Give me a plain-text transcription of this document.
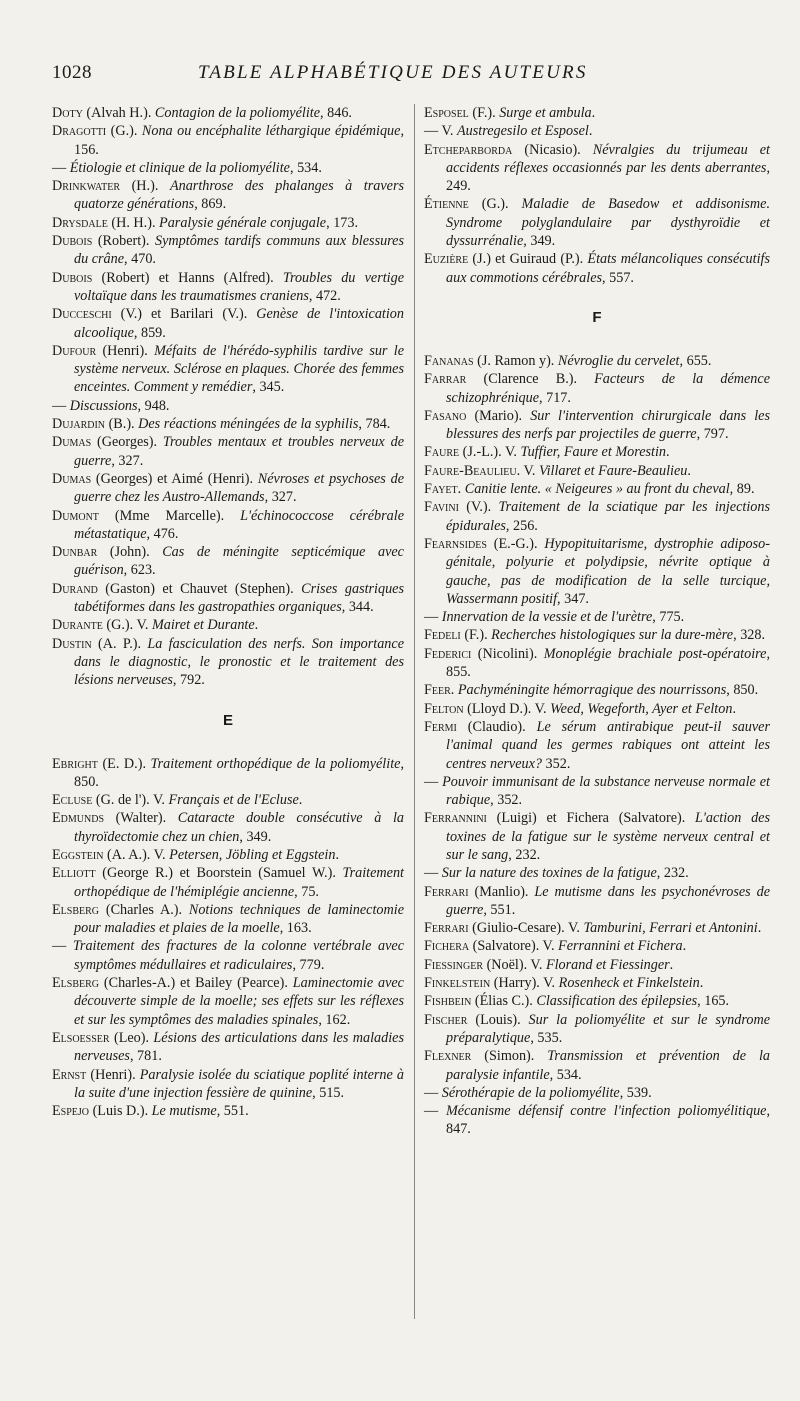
1028	TABLE ALPHABÉTIQUE DES AUTEURS

Doty (Alvah H.). Contagion de la poliomyélite, 846.

Dragotti (G.). Nona ou encéphalite léthargique épidémique, 156.

— Étiologie et clinique de la poliomyélite, 534.

Drinkwater (H.). Anarthrose des phalanges à travers quatorze générations, 869.

Drysdale (H. H.). Paralysie générale conjugale, 173.

Dubois (Robert). Symptômes tardifs communs aux blessures du crâne, 470.

Dubois (Robert) et Hanns (Alfred). Troubles du vertige voltaïque dans les traumatismes craniens, 472.

Ducceschi (V.) et Barilari (V.). Genèse de l'intoxication alcoolique, 859.

Dufour (Henri). Méfaits de l'hérédo-syphilis tardive sur le système nerveux. Sclérose en plaques. Chorée des femmes enceintes. Comment y remédier, 345.

— Discussions, 948.

Dujardin (B.). Des réactions méningées de la syphilis, 784.

Dumas (Georges). Troubles mentaux et troubles nerveux de guerre, 327.

Dumas (Georges) et Aimé (Henri). Névroses et psychoses de guerre chez les Austro-Allemands, 327.

Dumont (Mme Marcelle). L'échinococcose cérébrale métastatique, 476.

Dunbar (John). Cas de méningite septicémique avec guérison, 623.

Durand (Gaston) et Chauvet (Stephen). Crises gastriques tabétiformes dans les gastropathies organiques, 344.

Durante (G.). V. Mairet et Durante.

Dustin (A. P.). La fasciculation des nerfs. Son importance dans le diagnostic, le pronostic et le traitement des lésions nerveuses, 792.

E

Ebright (E. D.). Traitement orthopédique de la poliomyélite, 850.

Ecluse (G. de l'). V. Français et de l'Ecluse.

Edmunds (Walter). Cataracte double consécutive à la thyroïdectomie chez un chien, 349.

Eggstein (A. A.). V. Petersen, Jöbling et Eggstein.

Elliott (George R.) et Boorstein (Samuel W.). Traitement orthopédique de l'hémiplégie ancienne, 75.

Elsberg (Charles A.). Notions techniques de laminectomie pour maladies et plaies de la moelle, 163.

— Traitement des fractures de la colonne vertébrale avec symptômes médullaires et radiculaires, 779.

Elsberg (Charles-A.) et Bailey (Pearce). Laminectomie avec découverte simple de la moelle; ses effets sur les réflexes et sur les symptômes des maladies spinales, 162.

Elsoesser (Leo). Lésions des articulations dans les maladies nerveuses, 781.

Ernst (Henri). Paralysie isolée du sciatique poplité interne à la suite d'une injection fessière de quinine, 515.

Espejo (Luis D.). Le mutisme, 551.

Esposel (F.). Surge et ambula.

— V. Austregesilo et Esposel.

Etcheparborda (Nicasio). Névralgies du trijumeau et accidents réflexes occasionnés par les dents aberrantes, 249.

Étienne (G.). Maladie de Basedow et addisonisme. Syndrome polyglandulaire par dysthyroïdie et dyssurrénalie, 349.

Euzière (J.) et Guiraud (P.). États mélancoliques consécutifs aux commotions cérébrales, 557.

F

Fananas (J. Ramon y). Névroglie du cervelet, 655.

Farrar (Clarence B.). Facteurs de la démence schizophrénique, 717.

Fasano (Mario). Sur l'intervention chirurgicale dans les blessures des nerfs par projectiles de guerre, 797.

Faure (J.-L.). V. Tuffier, Faure et Morestin.

Faure-Beaulieu. V. Villaret et Faure-Beaulieu.

Fayet. Canitie lente. « Neigeures » au front du cheval, 89.

Favini (V.). Traitement de la sciatique par les injections épidurales, 256.

Fearnsides (E.-G.). Hypopituitarisme, dystrophie adiposo-génitale, polyurie et polydipsie, névrite optique à gauche, pas de modification de la selle turcique, Wassermann positif, 347.

— Innervation de la vessie et de l'urètre, 775.

Fedeli (F.). Recherches histologiques sur la dure-mère, 328.

Federici (Nicolini). Monoplégie brachiale post-opératoire, 855.

Feer. Pachyméningite hémorragique des nourrissons, 850.

Felton (Lloyd D.). V. Weed, Wegeforth, Ayer et Felton.

Fermi (Claudio). Le sérum antirabique peut-il sauver l'animal quand les germes rabiques ont atteint les centres nerveux? 352.

— Pouvoir immunisant de la substance nerveuse normale et rabique, 352.

Ferrannini (Luigi) et Fichera (Salvatore). L'action des toxines de la fatigue sur le système nerveux central et sur le sang, 232.

— Sur la nature des toxines de la fatigue, 232.

Ferrari (Manlio). Le mutisme dans les psychonévroses de guerre, 551.

Ferrari (Giulio-Cesare). V. Tamburini, Ferrari et Antonini.

Fichera (Salvatore). V. Ferrannini et Fichera.

Fiessinger (Noël). V. Florand et Fiessinger.

Finkelstein (Harry). V. Rosenheck et Finkelstein.

Fishbein (Élias C.). Classification des épilepsies, 165.

Fischer (Louis). Sur la poliomyélite et sur le syndrome préparalytique, 535.

Flexner (Simon). Transmission et prévention de la paralysie infantile, 534.

— Sérothérapie de la poliomyélite, 539.

— Mécanisme défensif contre l'infection poliomyélitique, 847.
